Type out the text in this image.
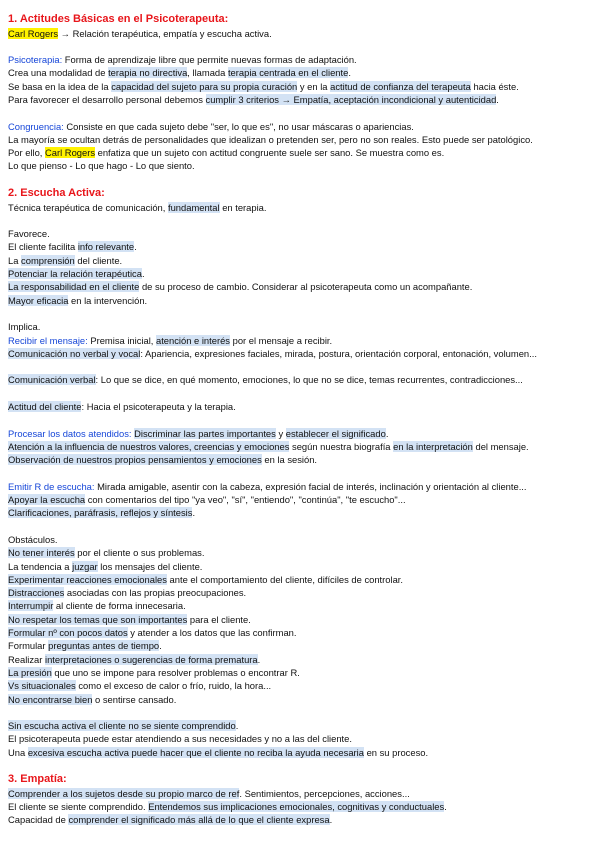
1. Actitudes Básicas en el Psicoterapeuta:
Carl Rogers → Relación terapéutica, empatía y escucha activa.
Psicoterapia: Forma de aprendizaje libre que permite nuevas formas de adaptación.
Crea una modalidad de terapia no directiva, llamada terapia centrada en el cliente.
Se basa en la idea de la capacidad del sujeto para su propia curación y en la actitud de confianza del terapeuta hacia éste.
Para favorecer el desarrollo personal debemos cumplir 3 criterios → Empatía, aceptación incondicional y autenticidad.
Congruencia: Consiste en que cada sujeto debe "ser, lo que es", no usar máscaras o apariencias.
La mayoría se ocultan detrás de personalidades que idealizan o pretenden ser, pero no son reales. Esto puede ser patológico.
Por ello, Carl Rogers enfatiza que un sujeto con actitud congruente suele ser sano. Se muestra como es.
Lo que pienso - Lo que hago - Lo que siento.
2. Escucha Activa:
Técnica terapéutica de comunicación, fundamental en terapia.
Favorece.
El cliente facilita info relevante.
La comprensión del cliente.
Potenciar la relación terapéutica.
La responsabilidad en el cliente de su proceso de cambio. Considerar al psicoterapeuta como un acompañante.
Mayor eficacia en la intervención.
Implica.
Recibir el mensaje: Premisa inicial, atención e interés por el mensaje a recibir.
Comunicación no verbal y vocal: Apariencia, expresiones faciales, mirada, postura, orientación corporal, entonación, volumen...
Comunicación verbal: Lo que se dice, en qué momento, emociones, lo que no se dice, temas recurrentes, contradicciones...
Actitud del cliente: Hacia el psicoterapeuta y la terapia.
Procesar los datos atendidos: Discriminar las partes importantes y establecer el significado.
Atención a la influencia de nuestros valores, creencias y emociones según nuestra biografía en la interpretación del mensaje.
Observación de nuestros propios pensamientos y emociones en la sesión.
Emitir R de escucha: Mirada amigable, asentir con la cabeza, expresión facial de interés, inclinación y orientación al cliente...
Apoyar la escucha con comentarios del tipo "ya veo", "sí", "entiendo", "continúa", "te escucho"...
Clarificaciones, paráfrasis, reflejos y síntesis.
Obstáculos.
No tener interés por el cliente o sus problemas.
La tendencia a juzgar los mensajes del cliente.
Experimentar reacciones emocionales ante el comportamiento del cliente, difíciles de controlar.
Distracciones asociadas con las propias preocupaciones.
Interrumpir al cliente de forma innecesaria.
No respetar los temas que son importantes para el cliente.
Formular nº con pocos datos y atender a los datos que las confirman.
Formular preguntas antes de tiempo.
Realizar interpretaciones o sugerencias de forma prematura.
La presión que uno se impone para resolver problemas o encontrar R.
Vs situacionales como el exceso de calor o frío, ruido, la hora...
No encontrarse bien o sentirse cansado.
Sin escucha activa el cliente no se siente comprendido.
El psicoterapeuta puede estar atendiendo a sus necesidades y no a las del cliente.
Una excesiva escucha activa puede hacer que el cliente no reciba la ayuda necesaria en su proceso.
3. Empatía:
Comprender a los sujetos desde su propio marco de ref. Sentimientos, percepciones, acciones...
El cliente se siente comprendido. Entendemos sus implicaciones emocionales, cognitivas y conductuales.
Capacidad de comprender el significado más allá de lo que el cliente expresa.
